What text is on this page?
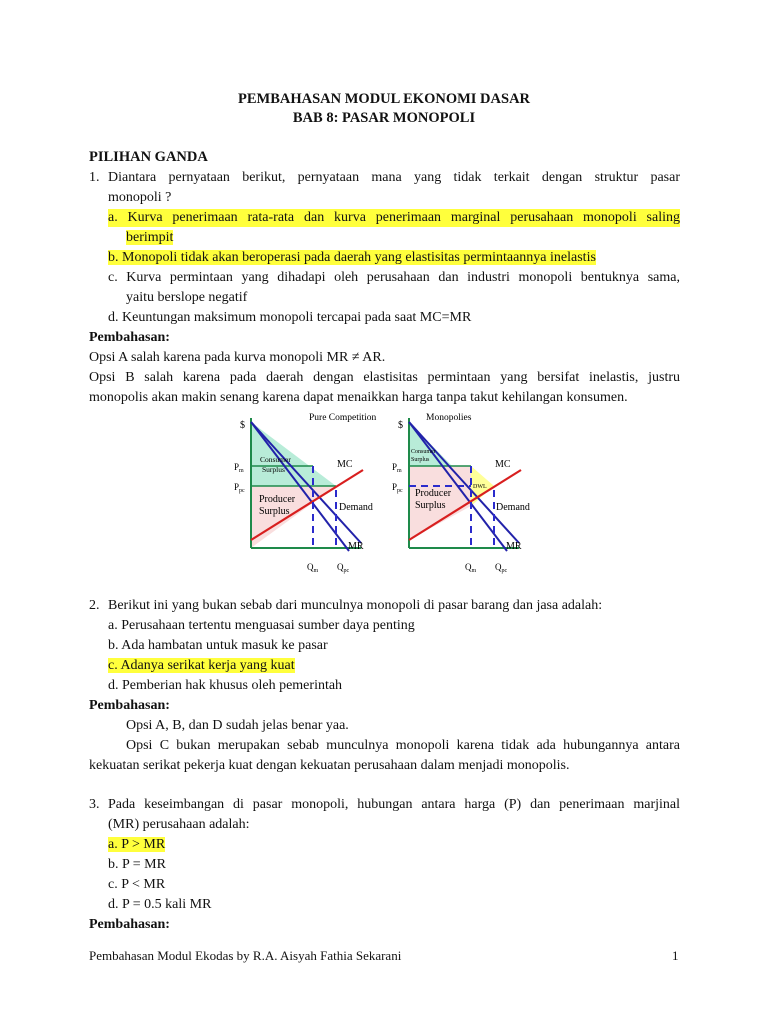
PEMBAHASAN MODUL EKONOMI DASAR
BAB 8: PASAR MONOPOLI
PILIHAN GANDA
1. Diantara pernyataan berikut, pernyataan mana yang tidak terkait dengan struktur pasar
monopoli ?
a. Kurva penerimaan rata-rata dan kurva penerimaan marginal perusahaan monopoli saling
berimpit
b. Monopoli tidak akan beroperasi pada daerah yang elastisitas permintaannya inelastis
c. Kurva permintaan yang dihadapi oleh perusahaan dan industri monopoli bentuknya sama,
yaitu berslope negatif
d. Keuntungan maksimum monopoli tercapai pada saat MC=MR
Pembahasan:
Opsi A salah karena pada kurva monopoli MR ≠ AR.
Opsi B salah karena pada daerah dengan elastisitas permintaan yang bersifat inelastis, justru
monopolis akan makin senang karena dapat menaikkan harga tanpa takut kehilangan konsumen.
Pure Competition
$
Consumer
Surplus
Producer
Surplus
MC
Demand
MR
$P_m$
$P_{pc}$
$Q_m$ $Q_{pc}$
Monopolies
$
Consumer
Surplus
DWL
Producer
Surplus
MC
Demand
MR
$P_m$
$P_{pc}$
$Q_m$ $Q_{pc}$
2. Berikut ini yang bukan sebab dari munculnya monopoli di pasar barang dan jasa adalah:
a. Perusahaan tertentu menguasai sumber daya penting
b. Ada hambatan untuk masuk ke pasar
c. Adanya serikat kerja yang kuat
d. Pemberian hak khusus oleh pemerintah
Pembahasan:
Opsi A, B, dan D sudah jelas benar yaa.
Opsi C bukan merupakan sebab munculnya monopoli karena tidak ada hubungannya antara
kekuatan serikat pekerja kuat dengan kekuatan perusahaan dalam menjadi monopolis.
3. Pada keseimbangan di pasar monopoli, hubungan antara harga (P) dan penerimaan marjinal
(MR) perusahaan adalah:
a. P > MR
b. P = MR
c. P < MR
d. P = 0.5 kali MR
Pembahasan:
Pembahasan Modul Ekodas by R.A. Aisyah Fathia Sekarani	1
